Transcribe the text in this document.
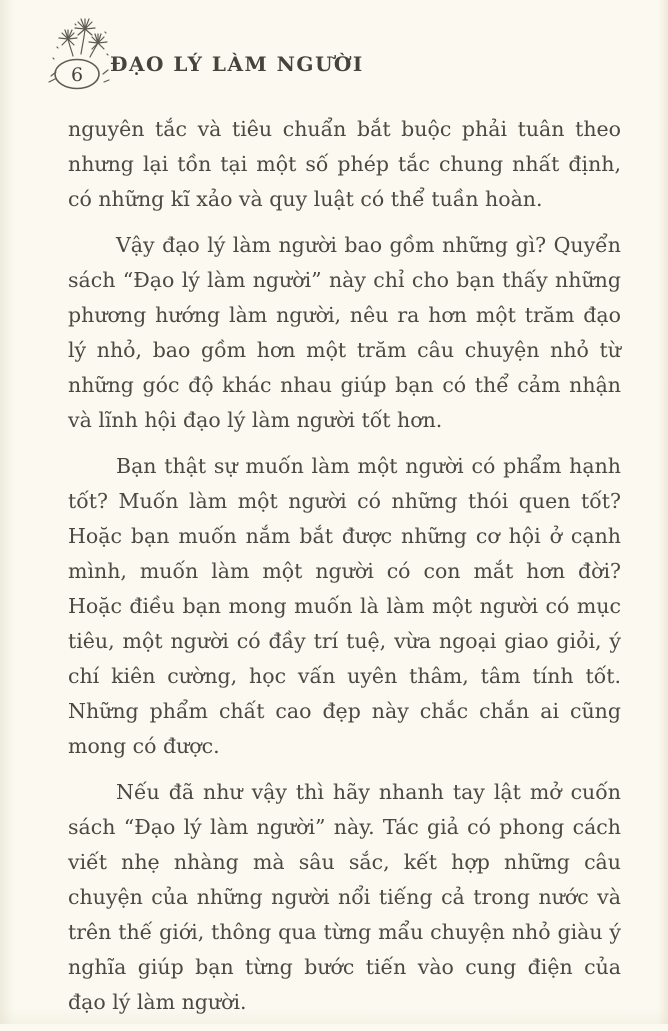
6 ĐẠO LÝ LÀM NGƯỜI

nguyên tắc và tiêu chuẩn bắt buộc phải tuân theo nhưng lại tồn tại một số phép tắc chung nhất định, có những kĩ xảo và quy luật có thể tuần hoàn.

Vậy đạo lý làm người bao gồm những gì? Quyển sách “Đạo lý làm người” này chỉ cho bạn thấy những phương hướng làm người, nêu ra hơn một trăm đạo lý nhỏ, bao gồm hơn một trăm câu chuyện nhỏ từ những góc độ khác nhau giúp bạn có thể cảm nhận và lĩnh hội đạo lý làm người tốt hơn.

Bạn thật sự muốn làm một người có phẩm hạnh tốt? Muốn làm một người có những thói quen tốt? Hoặc bạn muốn nắm bắt được những cơ hội ở cạnh mình, muốn làm một người có con mắt hơn đời? Hoặc điều bạn mong muốn là làm một người có mục tiêu, một người có đầy trí tuệ, vừa ngoại giao giỏi, ý chí kiên cường, học vấn uyên thâm, tâm tính tốt. Những phẩm chất cao đẹp này chắc chắn ai cũng mong có được.

Nếu đã như vậy thì hãy nhanh tay lật mở cuốn sách “Đạo lý làm người” này. Tác giả có phong cách viết nhẹ nhàng mà sâu sắc, kết hợp những câu chuyện của những người nổi tiếng cả trong nước và trên thế giới, thông qua từng mẩu chuyện nhỏ giàu ý nghĩa giúp bạn từng bước tiến vào cung điện của đạo lý làm người.
